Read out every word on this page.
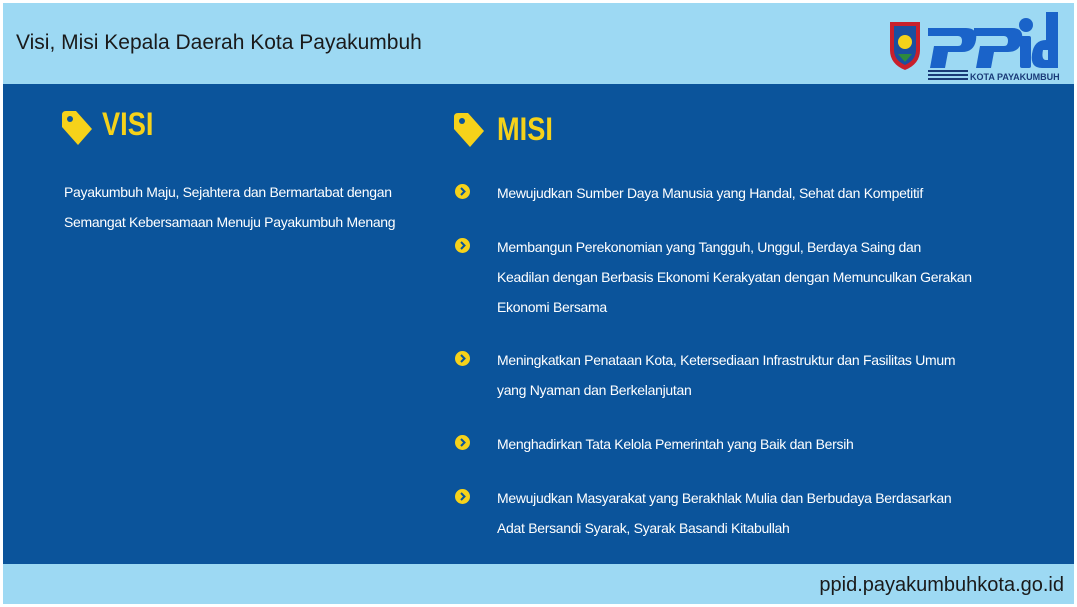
Visi, Misi Kepala Daerah Kota Payakumbuh
KOTA PAYAKUMBUH
VISI
Payakumbuh Maju, Sejahtera dan Bermartabat dengan Semangat Kebersamaan Menuju Payakumbuh Menang
MISI
Mewujudkan Sumber Daya Manusia yang Handal, Sehat dan Kompetitif
Membangun Perekonomian yang Tangguh, Unggul, Berdaya Saing dan Keadilan dengan Berbasis Ekonomi Kerakyatan dengan Memunculkan Gerakan Ekonomi Bersama
Meningkatkan Penataan Kota, Ketersediaan Infrastruktur dan Fasilitas Umum yang Nyaman dan Berkelanjutan
Menghadirkan Tata Kelola Pemerintah yang Baik dan Bersih
Mewujudkan Masyarakat yang Berakhlak Mulia dan Berbudaya Berdasarkan Adat Bersandi Syarak, Syarak Basandi Kitabullah
ppid.payakumbuhkota.go.id
